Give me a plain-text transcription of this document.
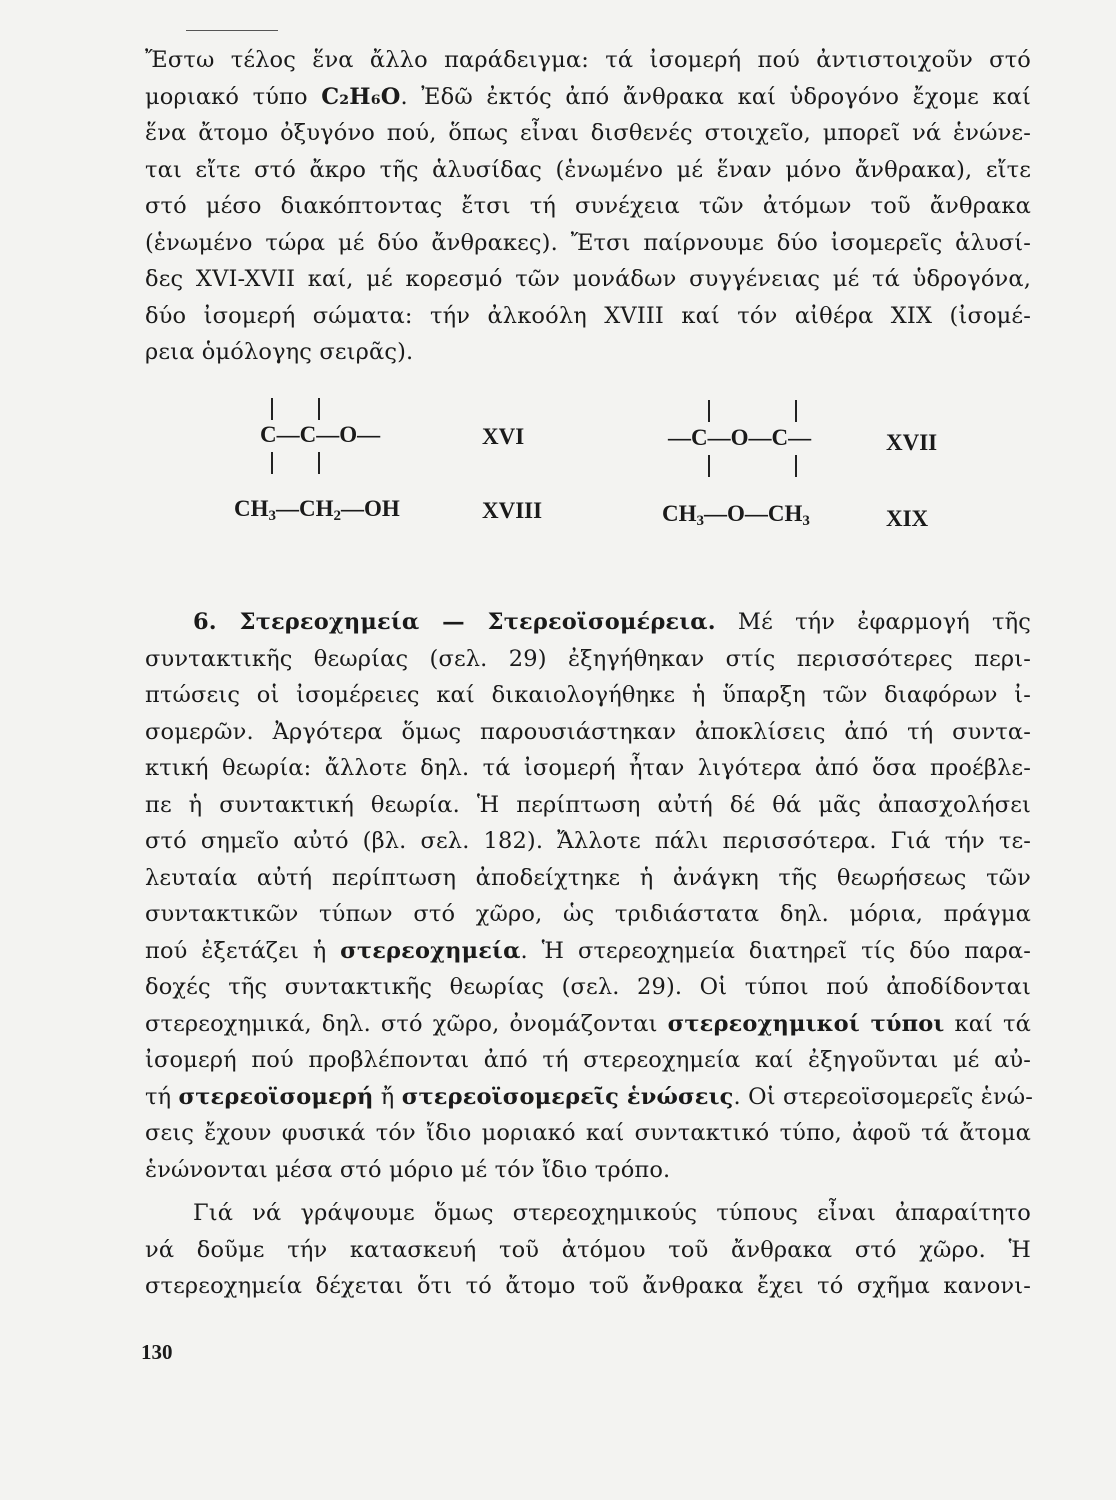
Ἔστω τέλος ἕνα ἄλλο παράδειγμα: τά ἰσομερή πού ἀντιστοιχοῦν στό
μοριακό τύπο C₂H₆O. Ἐδῶ ἐκτός ἀπό ἄνθρακα καί ὑδρογόνο ἔχομε καί
ἕνα ἄτομο ὀξυγόνο πού, ὅπως εἶναι δισθενές στοιχεῖο, μπορεῖ νά ἑνώνε-
ται εἴτε στό ἄκρο τῆς ἁλυσίδας (ἑνωμένο μέ ἕναν μόνο ἄνθρακα), εἴτε
στό μέσο διακόπτοντας ἔτσι τή συνέχεια τῶν ἀτόμων τοῦ ἄνθρακα
(ἑνωμένο τώρα μέ δύο ἄνθρακες). Ἔτσι παίρνουμε δύο ἰσομερεῖς ἁλυσί-
δες XVI-XVII καί, μέ κορεσμό τῶν μονάδων συγγένειας μέ τά ὑδρογόνα,
δύο ἰσομερή σώματα: τήν ἀλκοόλη XVIII καί τόν αἰθέρα XIX (ἰσομέ-
ρεια ὁμόλογης σειρᾶς).
C—C—O—	XVI	—C—O—C—	XVII
$CH_3—CH_2—OH$	XVIII	$CH_3—O—CH_3$	XIX
6. Στερεοχημεία — Στερεοϊσομέρεια. Μέ τήν ἐφαρμογή τῆς
συντακτικῆς θεωρίας (σελ. 29) ἐξηγήθηκαν στίς περισσότερες περι-
πτώσεις οἱ ἰσομέρειες καί δικαιολογήθηκε ἡ ὕπαρξη τῶν διαφόρων ἰ-
σομερῶν. Ἀργότερα ὅμως παρουσιάστηκαν ἀποκλίσεις ἀπό τή συντα-
κτική θεωρία: ἄλλοτε δηλ. τά ἰσομερή ἦταν λιγότερα ἀπό ὅσα προέβλε-
πε ἡ συντακτική θεωρία. Ἡ περίπτωση αὐτή δέ θά μᾶς ἀπασχολήσει
στό σημεῖο αὐτό (βλ. σελ. 182). Ἄλλοτε πάλι περισσότερα. Γιά τήν τε-
λευταία αὐτή περίπτωση ἀποδείχτηκε ἡ ἀνάγκη τῆς θεωρήσεως τῶν
συντακτικῶν τύπων στό χῶρο, ὡς τριδιάστατα δηλ. μόρια, πράγμα
πού ἐξετάζει ἡ στερεοχημεία. Ἡ στερεοχημεία διατηρεῖ τίς δύο παρα-
δοχές τῆς συντακτικῆς θεωρίας (σελ. 29). Οἱ τύποι πού ἀποδίδονται
στερεοχημικά, δηλ. στό χῶρο, ὀνομάζονται στερεοχημικοί τύποι καί τά
ἰσομερή πού προβλέπονται ἀπό τή στερεοχημεία καί ἐξηγοῦνται μέ αὐ-
τή στερεοϊσομερή ἤ στερεοϊσομερεῖς ἑνώσεις. Οἱ στερεοϊσομερεῖς ἑνώ-
σεις ἔχουν φυσικά τόν ἴδιο μοριακό καί συντακτικό τύπο, ἀφοῦ τά ἄτομα
ἑνώνονται μέσα στό μόριο μέ τόν ἴδιο τρόπο.
Γιά νά γράψουμε ὅμως στερεοχημικούς τύπους εἶναι ἀπαραίτητο
νά δοῦμε τήν κατασκευή τοῦ ἀτόμου τοῦ ἄνθρακα στό χῶρο. Ἡ
στερεοχημεία δέχεται ὅτι τό ἄτομο τοῦ ἄνθρακα ἔχει τό σχῆμα κανονι-
130
